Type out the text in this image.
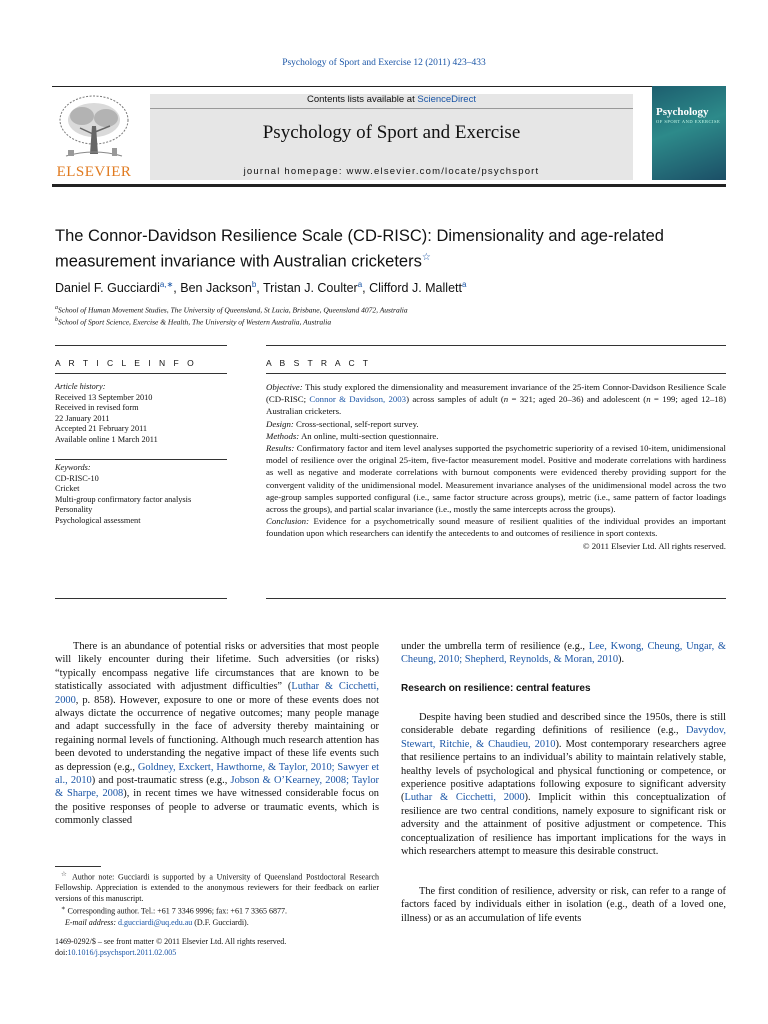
Psychology of Sport and Exercise 12 (2011) 423–433
ELSEVIER
Contents lists available at ScienceDirect
Psychology of Sport and Exercise
journal homepage: www.elsevier.com/locate/psychsport
Psychology
OF SPORT AND EXERCISE
The Connor-Davidson Resilience Scale (CD-RISC): Dimensionality and age-related measurement invariance with Australian cricketers☆
Daniel F. Gucciardi$^{a,∗}$, Ben Jackson$^b$, Tristan J. Coulter$^a$, Clifford J. Mallett$^a$
$^a$School of Human Movement Studies, The University of Queensland, St Lucia, Brisbane, Queensland 4072, Australia
$^b$School of Sport Science, Exercise & Health, The University of Western Australia, Australia
A R T I C L E I N F O
Article history:
Received 13 September 2010
Received in revised form
22 January 2011
Accepted 21 February 2011
Available online 1 March 2011
Keywords:
CD-RISC-10
Cricket
Multi-group confirmatory factor analysis
Personality
Psychological assessment
A B S T R A C T
Objective: This study explored the dimensionality and measurement invariance of the 25-item Connor-Davidson Resilience Scale (CD-RISC; Connor & Davidson, 2003) across samples of adult (n = 321; aged 20–36) and adolescent (n = 199; aged 12–18) Australian cricketers.
Design: Cross-sectional, self-report survey.
Methods: An online, multi-section questionnaire.
Results: Confirmatory factor and item level analyses supported the psychometric superiority of a revised 10-item, unidimensional model of resilience over the original 25-item, five-factor measurement model. Positive and moderate correlations with hardiness as well as negative and moderate correlations with burnout components were evidenced thereby providing support for the convergent validity of the unidimensional model. Measurement invariance analyses of the unidimensional model across the two age-group samples supported configural (i.e., same factor structure across groups), metric (i.e., same pattern of factor loadings across the groups), and partial scalar invariance (i.e., mostly the same intercepts across the groups).
Conclusion: Evidence for a psychometrically sound measure of resilient qualities of the individual provides an important foundation upon which researchers can identify the antecedents to and outcomes of resilience in sport contexts.
© 2011 Elsevier Ltd. All rights reserved.
There is an abundance of potential risks or adversities that most people will likely encounter during their lifetime. Such adversities (or risks) “typically encompass negative life circumstances that are known to be statistically associated with adjustment difficulties” (Luthar & Cicchetti, 2000, p. 858). However, exposure to one or more of these events does not always dictate the occurrence of negative outcomes; many people manage and adapt successfully in the face of adversity thereby maintaining or regaining normal levels of functioning. Although much research attention has been devoted to understanding the negative impact of these life events such as depression (e.g., Goldney, Exckert, Hawthorne, & Taylor, 2010; Sawyer et al., 2010) and post-traumatic stress (e.g., Jobson & O’Kearney, 2008; Taylor & Sharpe, 2008), in recent times we have witnessed considerable focus on the positive responses of people to adverse or traumatic events, which is commonly classed
☆ Author note: Gucciardi is supported by a University of Queensland Postdoctoral Research Fellowship. Appreciation is extended to the anonymous reviewers for their feedback on earlier versions of this manuscript.
∗ Corresponding author. Tel.: +61 7 3346 9996; fax: +61 7 3365 6877.
E-mail address: d.gucciardi@uq.edu.au (D.F. Gucciardi).
1469-0292/$ – see front matter © 2011 Elsevier Ltd. All rights reserved.
doi:10.1016/j.psychsport.2011.02.005
under the umbrella term of resilience (e.g., Lee, Kwong, Cheung, Ungar, & Cheung, 2010; Shepherd, Reynolds, & Moran, 2010).
Research on resilience: central features
Despite having been studied and described since the 1950s, there is still considerable debate regarding definitions of resilience (e.g., Davydov, Stewart, Ritchie, & Chaudieu, 2010). Most contemporary researchers agree that resilience pertains to an individual’s ability to maintain relatively stable, healthy levels of psychological and physical functioning or competence, or experience positive adaptations following exposure to significant adversity (Luthar & Cicchetti, 2000). Implicit within this conceptualization of resilience are two central conditions, namely exposure to significant risk or adversity and the attainment of positive adjustment or competence. This conceptualization of resilience has important implications for the ways in which researchers attempt to measure this desirable construct.
The first condition of resilience, adversity or risk, can refer to a range of factors faced by individuals either in isolation (e.g., death of a loved one, illness) or as an accumulation of life events
